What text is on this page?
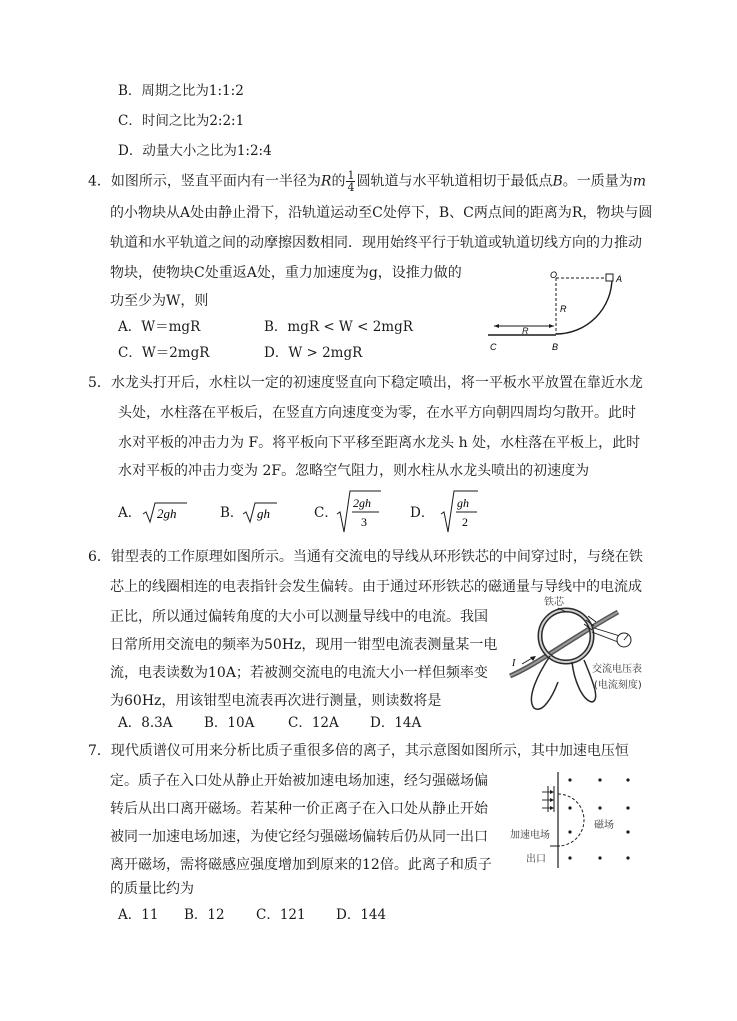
B．周期之比为1:1:2
C．时间之比为2:2:1
D．动量大小之比为1:2:4
4．如图所示，竖直平面内有一半径为R的 $\frac{1}{4}$ 圆轨道与水平轨道相切于最低点B。一质量为m
的小物块从A处由静止滑下，沿轨道运动至C处停下，B、C两点间的距离为R，物块与圆
轨道和水平轨道之间的动摩擦因数相同．现用始终平行于轨道或轨道切线方向的力推动
物块，使物块C处重返A处，重力加速度为g，设推力做的
功至少为W，则
A．W＝mgR	B．mgR < W < 2mgR
C．W＝2mgR	D．W > 2mgR
O	A
R
R
C	B
5．水龙头打开后，水柱以一定的初速度竖直向下稳定喷出，将一平板水平放置在靠近水龙
头处，水柱落在平板后，在竖直方向速度变为零，在水平方向朝四周均匀散开。此时
水对平板的冲击力为 F。将平板向下平移至距离水龙头 h 处，水柱落在平板上，此时
水对平板的冲击力变为 2F。忽略空气阻力，则水柱从水龙头喷出的初速度为
A． 2gh	B． gh	C．
2gh
3
D．
gh
2
6．钳型表的工作原理如图所示。当通有交流电的导线从环形铁芯的中间穿过时，与绕在铁
芯上的线圈相连的电表指针会发生偏转。由于通过环形铁芯的磁通量与导线中的电流成
正比，所以通过偏转角度的大小可以测量导线中的电流。我国
日常所用交流电的频率为50Hz，现用一钳型电流表测量某一电
流，电表读数为10A；若被测交流电的电流大小一样但频率变
为60Hz，用该钳型电流表再次进行测量，则读数将是
A．8.3A B．10A C．12A D．14A
I
铁芯
交流电压表
(电流刻度)
7．现代质谱仪可用来分析比质子重很多倍的离子，其示意图如图所示，其中加速电压恒
定。质子在入口处从静止开始被加速电场加速，经匀强磁场偏
转后从出口离开磁场。若某种一价正离子在入口处从静止开始
被同一加速电场加速，为使它经匀强磁场偏转后仍从同一出口
离开磁场，需将磁感应强度增加到原来的12倍。此离子和质子
的质量比约为
A．11 B．12 C．121 D．144
磁场
加速电场
出口
